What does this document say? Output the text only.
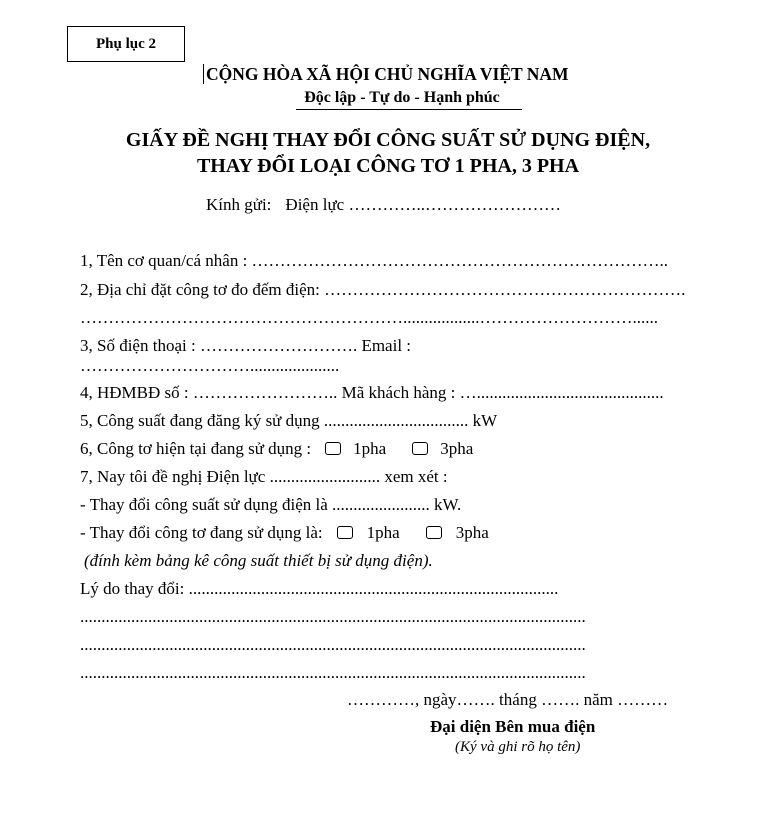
Phụ lục 2
CỘNG HÒA XÃ HỘI CHỦ NGHĨA VIỆT NAM
Độc lập - Tự do - Hạnh phúc
GIẤY ĐỀ NGHỊ THAY ĐỔI CÔNG SUẤT SỬ DỤNG ĐIỆN,
THAY ĐỔI LOẠI CÔNG TƠ 1 PHA, 3 PHA
Kính gửi: Điện lực …………..……………………
1, Tên cơ quan/cá nhân : ………………………………………………………………..
2, Địa chỉ đặt công tơ đo đếm điện: ……………………………………………………….
…………………………………………………..................………………………......
3, Số điện thoại : ………………………. Email :
………………………….....................
4, HĐMBĐ số : …………………….. Mã khách hàng : …............................................
5, Công suất đang đăng ký sử dụng .................................. kW
6, Công tơ hiện tại đang sử dụng : 1pha	3pha
7, Nay tôi đề nghị Điện lực .......................... xem xét :
- Thay đổi công suất sử dụng điện là ....................... kW.
- Thay đổi công tơ đang sử dụng là:	1pha	3pha
(đính kèm bảng kê công suất thiết bị sử dụng điện).
Lý do thay đổi: .......................................................................................
.......................................................................................................................
.......................................................................................................................
.......................................................................................................................
…………, ngày……. tháng ……. năm ………
Đại diện Bên mua điện
(Ký và ghi rõ họ tên)
